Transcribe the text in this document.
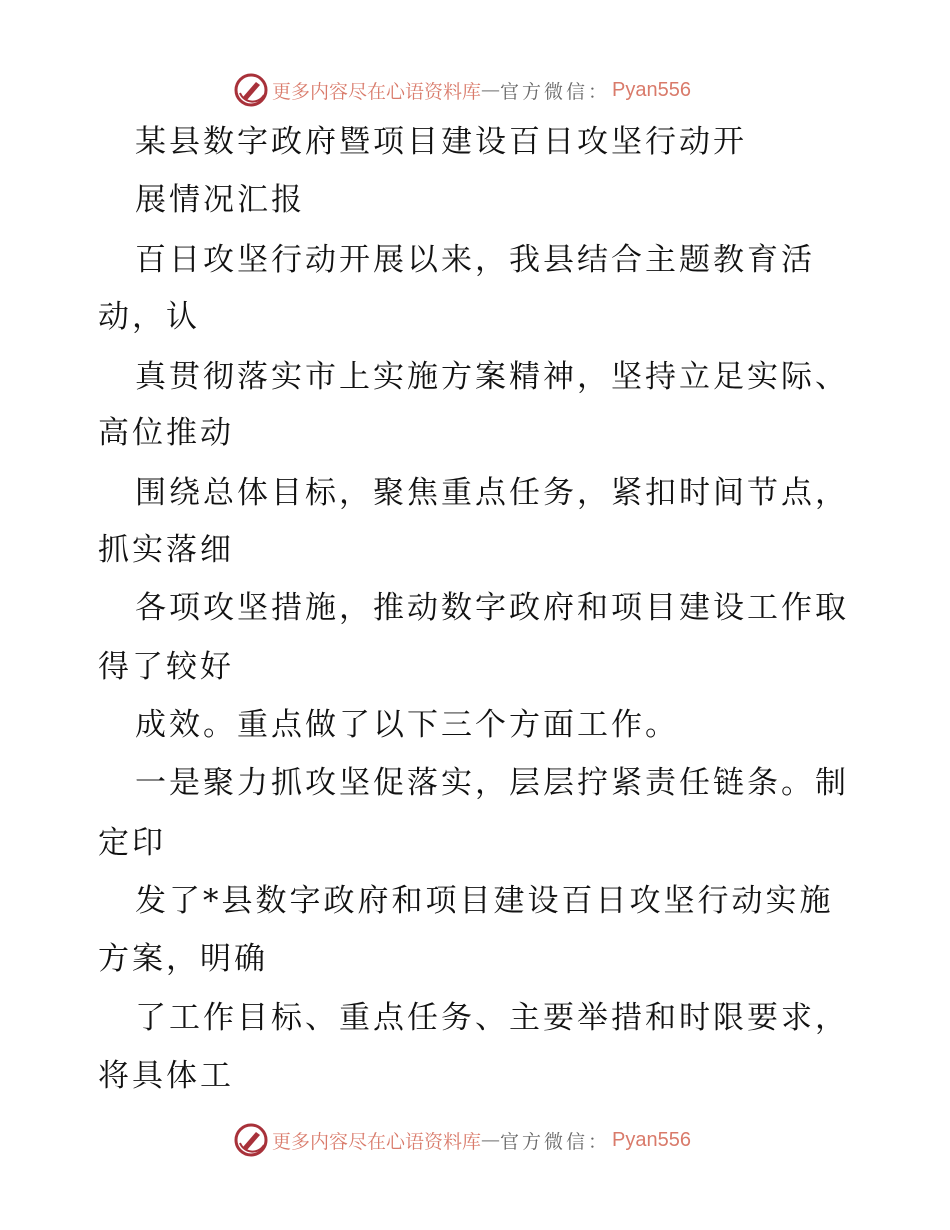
更多内容尽在心语资料库 — 官方微信： Pyan556
某县数字政府暨项目建设百日攻坚行动开
展情况汇报
百日攻坚行动开展以来，我县结合主题教育活
动，认
真贯彻落实市上实施方案精神，坚持立足实际、
高位推动
围绕总体目标，聚焦重点任务，紧扣时间节点，
抓实落细
各项攻坚措施，推动数字政府和项目建设工作取
得了较好
成效。重点做了以下三个方面工作。
一是聚力抓攻坚促落实，层层拧紧责任链条。制
定印
发了*县数字政府和项目建设百日攻坚行动实施
方案，明确
了工作目标、重点任务、主要举措和时限要求，
将具体工
更多内容尽在心语资料库 — 官方微信： Pyan556
